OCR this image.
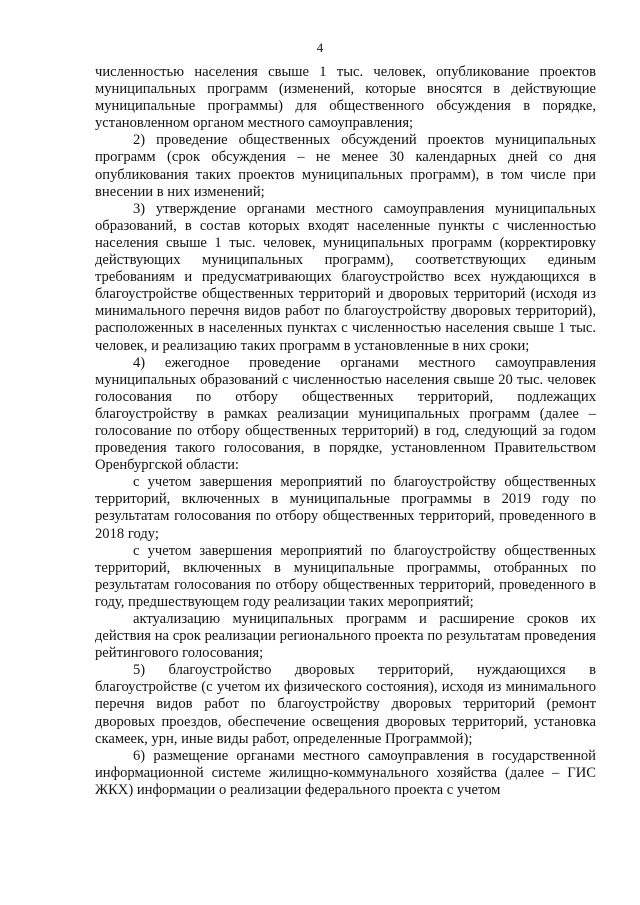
4

численностью населения свыше 1 тыс. человек, опубликование проектов муниципальных программ (изменений, которые вносятся в действующие муниципальные программы) для общественного обсуждения в порядке, установленном органом местного самоуправления;

2) проведение общественных обсуждений проектов муниципальных программ (срок обсуждения – не менее 30 календарных дней со дня опубликования таких проектов муниципальных программ), в том числе при внесении в них изменений;

3) утверждение органами местного самоуправления муниципальных образований, в состав которых входят населенные пункты с численностью населения свыше 1 тыс. человек, муниципальных программ (корректировку действующих муниципальных программ), соответствующих единым требованиям и предусматривающих благоустройство всех нуждающихся в благоустройстве общественных территорий и дворовых территорий (исходя из минимального перечня видов работ по благоустройству дворовых территорий), расположенных в населенных пунктах с численностью населения свыше 1 тыс. человек, и реализацию таких программ в установленные в них сроки;

4) ежегодное проведение органами местного самоуправления муниципальных образований с численностью населения свыше 20 тыс. человек голосования по отбору общественных территорий, подлежащих благоустройству в рамках реализации муниципальных программ (далее – голосование по отбору общественных территорий) в год, следующий за годом проведения такого голосования, в порядке, установленном Правительством Оренбургской области:

с учетом завершения мероприятий по благоустройству общественных территорий, включенных в муниципальные программы в 2019 году по результатам голосования по отбору общественных территорий, проведенного в 2018 году;

с учетом завершения мероприятий по благоустройству общественных территорий, включенных в муниципальные программы, отобранных по результатам голосования по отбору общественных территорий, проведенного в году, предшествующем году реализации таких мероприятий;

актуализацию муниципальных программ и расширение сроков их действия на срок реализации регионального проекта по результатам проведения рейтингового голосования;

5) благоустройство дворовых территорий, нуждающихся в благоустройстве (с учетом их физического состояния), исходя из минимального перечня видов работ по благоустройству дворовых территорий (ремонт дворовых проездов, обеспечение освещения дворовых территорий, установка скамеек, урн, иные виды работ, определенные Программой);

6) размещение органами местного самоуправления в государственной информационной системе жилищно-коммунального хозяйства (далее – ГИС ЖКХ) информации о реализации федерального проекта с учетом
